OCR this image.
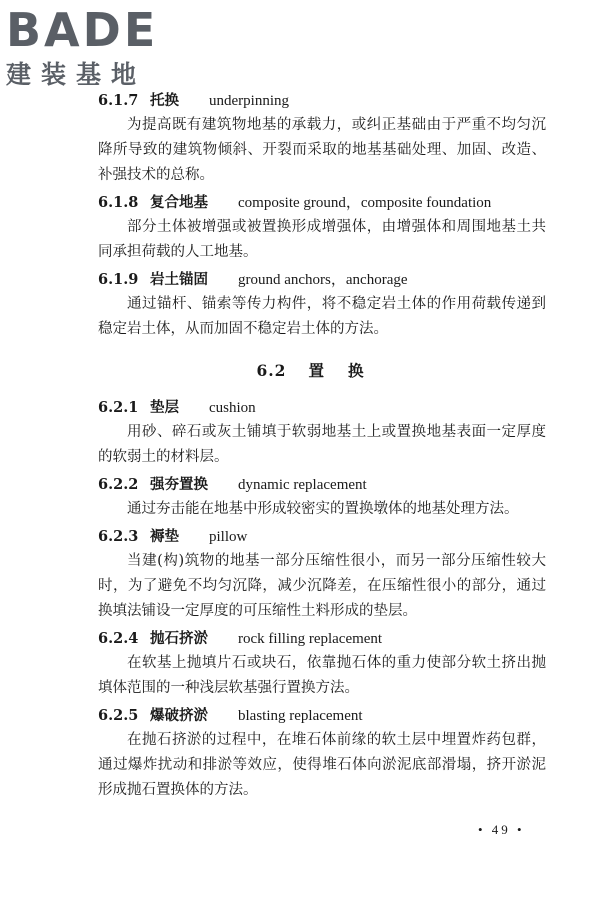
BADE
建装基地
6.1.7 托换 underpinning

为提高既有建筑物地基的承载力，或纠正基础由于严重不均匀沉降所导致的建筑物倾斜、开裂而采取的地基基础处理、加固、改造、补强技术的总称。

6.1.8 复合地基 composite ground，composite foundation

部分土体被增强或被置换形成增强体，由增强体和周围地基土共同承担荷载的人工地基。

6.1.9 岩土锚固 ground anchors，anchorage

通过锚杆、锚索等传力构件，将不稳定岩土体的作用荷载传递到稳定岩土体，从而加固不稳定岩土体的方法。

6.2 置换
6.2.1 垫层 cushion

用砂、碎石或灰土铺填于软弱地基土上或置换地基表面一定厚度的软弱土的材料层。

6.2.2 强夯置换 dynamic replacement

通过夯击能在地基中形成较密实的置换墩体的地基处理方法。

6.2.3 褥垫 pillow

当建(构)筑物的地基一部分压缩性很小，而另一部分压缩性较大时，为了避免不均匀沉降，减少沉降差，在压缩性很小的部分，通过换填法铺设一定厚度的可压缩性土料形成的垫层。

6.2.4 抛石挤淤 rock filling replacement

在软基上抛填片石或块石，依靠抛石体的重力使部分软土挤出抛填体范围的一种浅层软基强行置换方法。

6.2.5 爆破挤淤 blasting replacement

在抛石挤淤的过程中，在堆石体前缘的软土层中埋置炸药包群，通过爆炸扰动和排淤等效应，使得堆石体向淤泥底部滑塌，挤开淤泥形成抛石置换体的方法。

• 49 •
